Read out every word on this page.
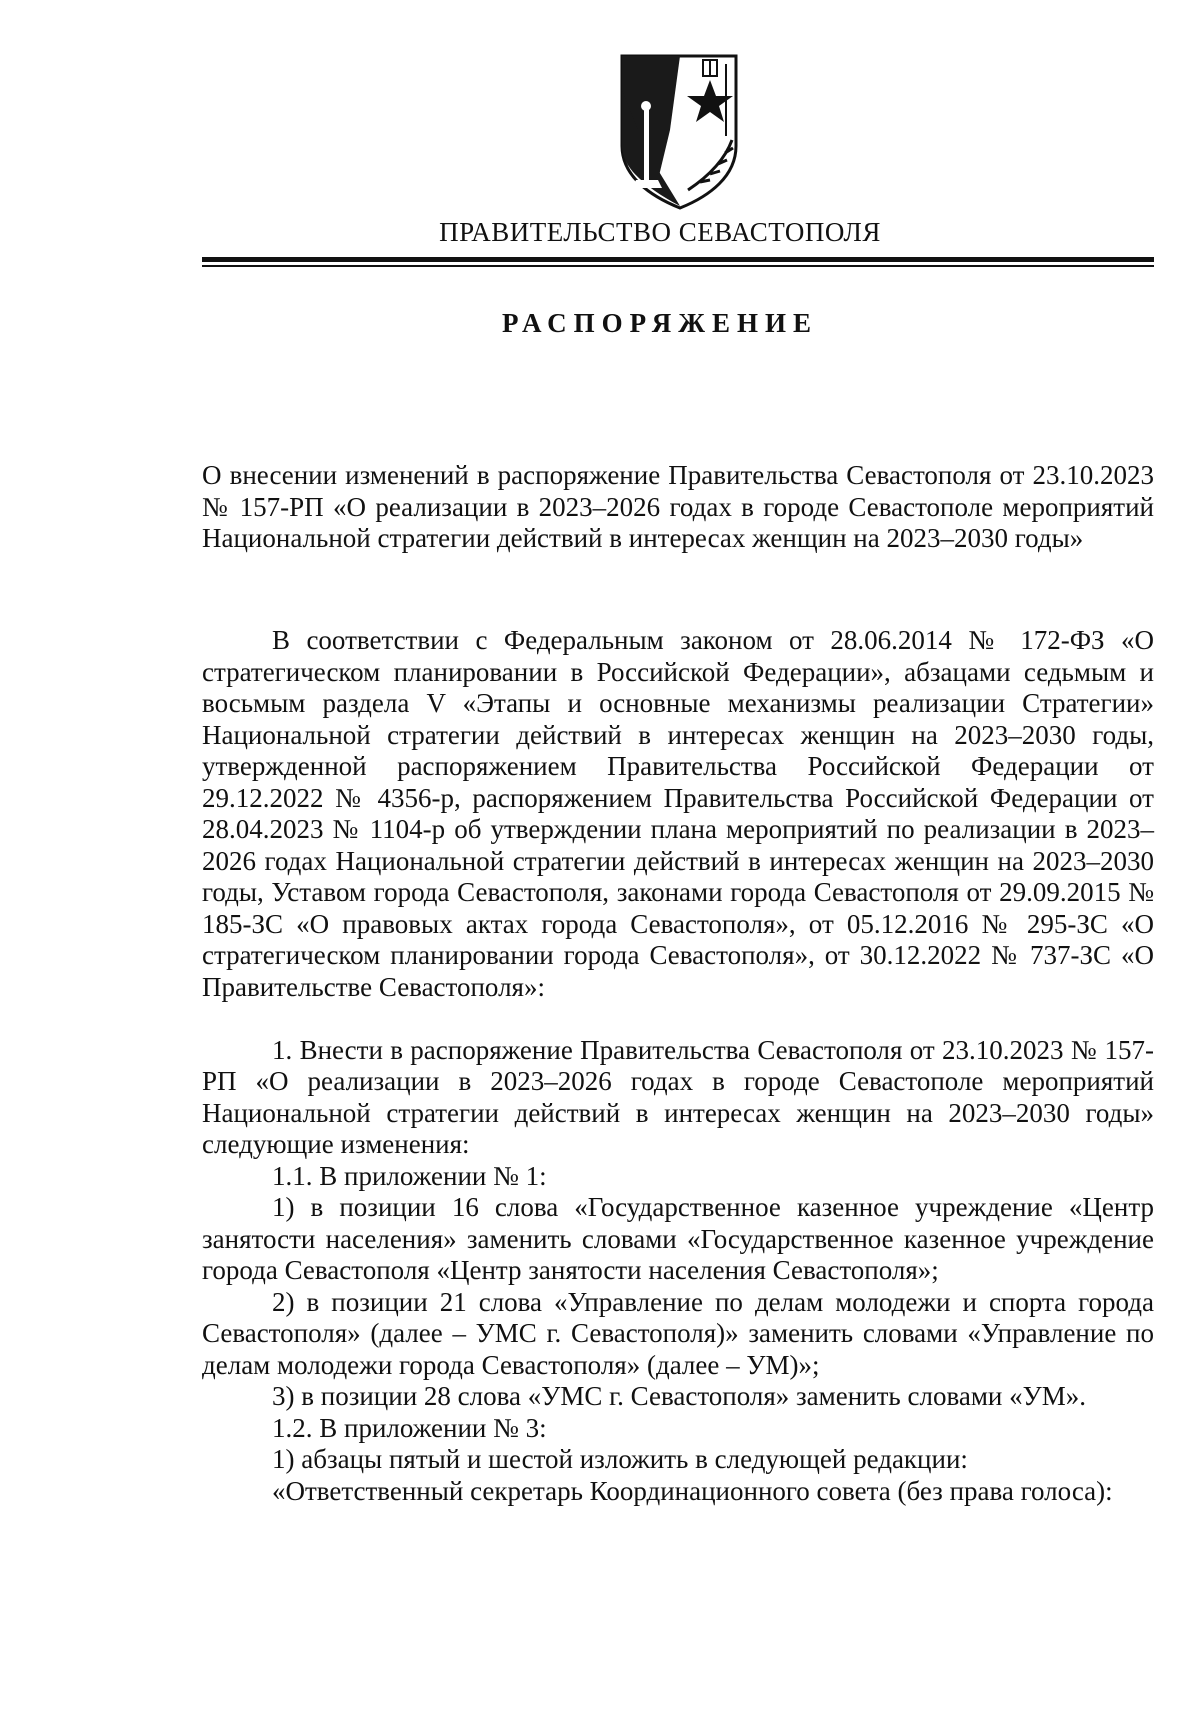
ПРАВИТЕЛЬСТВО СЕВАСТОПОЛЯ
РАСПОРЯЖЕНИЕ
О внесении изменений в распоряжение Правительства Севастополя от 23.10.2023 № 157-РП «О реализации в 2023–2026 годах в городе Севастополе мероприятий Национальной стратегии действий в интересах женщин на 2023–2030 годы»

В соответствии с Федеральным законом от 28.06.2014 № 172-ФЗ «О стратегическом планировании в Российской Федерации», абзацами седьмым и восьмым раздела V «Этапы и основные механизмы реализации Стратегии» Национальной стратегии действий в интересах женщин на 2023–2030 годы, утвержденной распоряжением Правительства Российской Федерации от 29.12.2022 № 4356-р, распоряжением Правительства Российской Федерации от 28.04.2023 № 1104-р об утверждении плана мероприятий по реализации в 2023–2026 годах Национальной стратегии действий в интересах женщин на 2023–2030 годы, Уставом города Севастополя, законами города Севастополя от 29.09.2015 № 185-ЗС «О правовых актах города Севастополя», от 05.12.2016 № 295-ЗС «О стратегическом планировании города Севастополя», от 30.12.2022 № 737-ЗС «О Правительстве Севастополя»:

1. Внести в распоряжение Правительства Севастополя от 23.10.2023 № 157-РП «О реализации в 2023–2026 годах в городе Севастополе мероприятий Национальной стратегии действий в интересах женщин на 2023–2030 годы» следующие изменения:

1.1. В приложении № 1:

1) в позиции 16 слова «Государственное казенное учреждение «Центр занятости населения» заменить словами «Государственное казенное учреждение города Севастополя «Центр занятости населения Севастополя»;

2) в позиции 21 слова «Управление по делам молодежи и спорта города Севастополя» (далее – УМС г. Севастополя)» заменить словами «Управление по делам молодежи города Севастополя» (далее – УМ)»;

3) в позиции 28 слова «УМС г. Севастополя» заменить словами «УМ».

1.2. В приложении № 3:

1) абзацы пятый и шестой изложить в следующей редакции:

«Ответственный секретарь Координационного совета (без права голоса):
